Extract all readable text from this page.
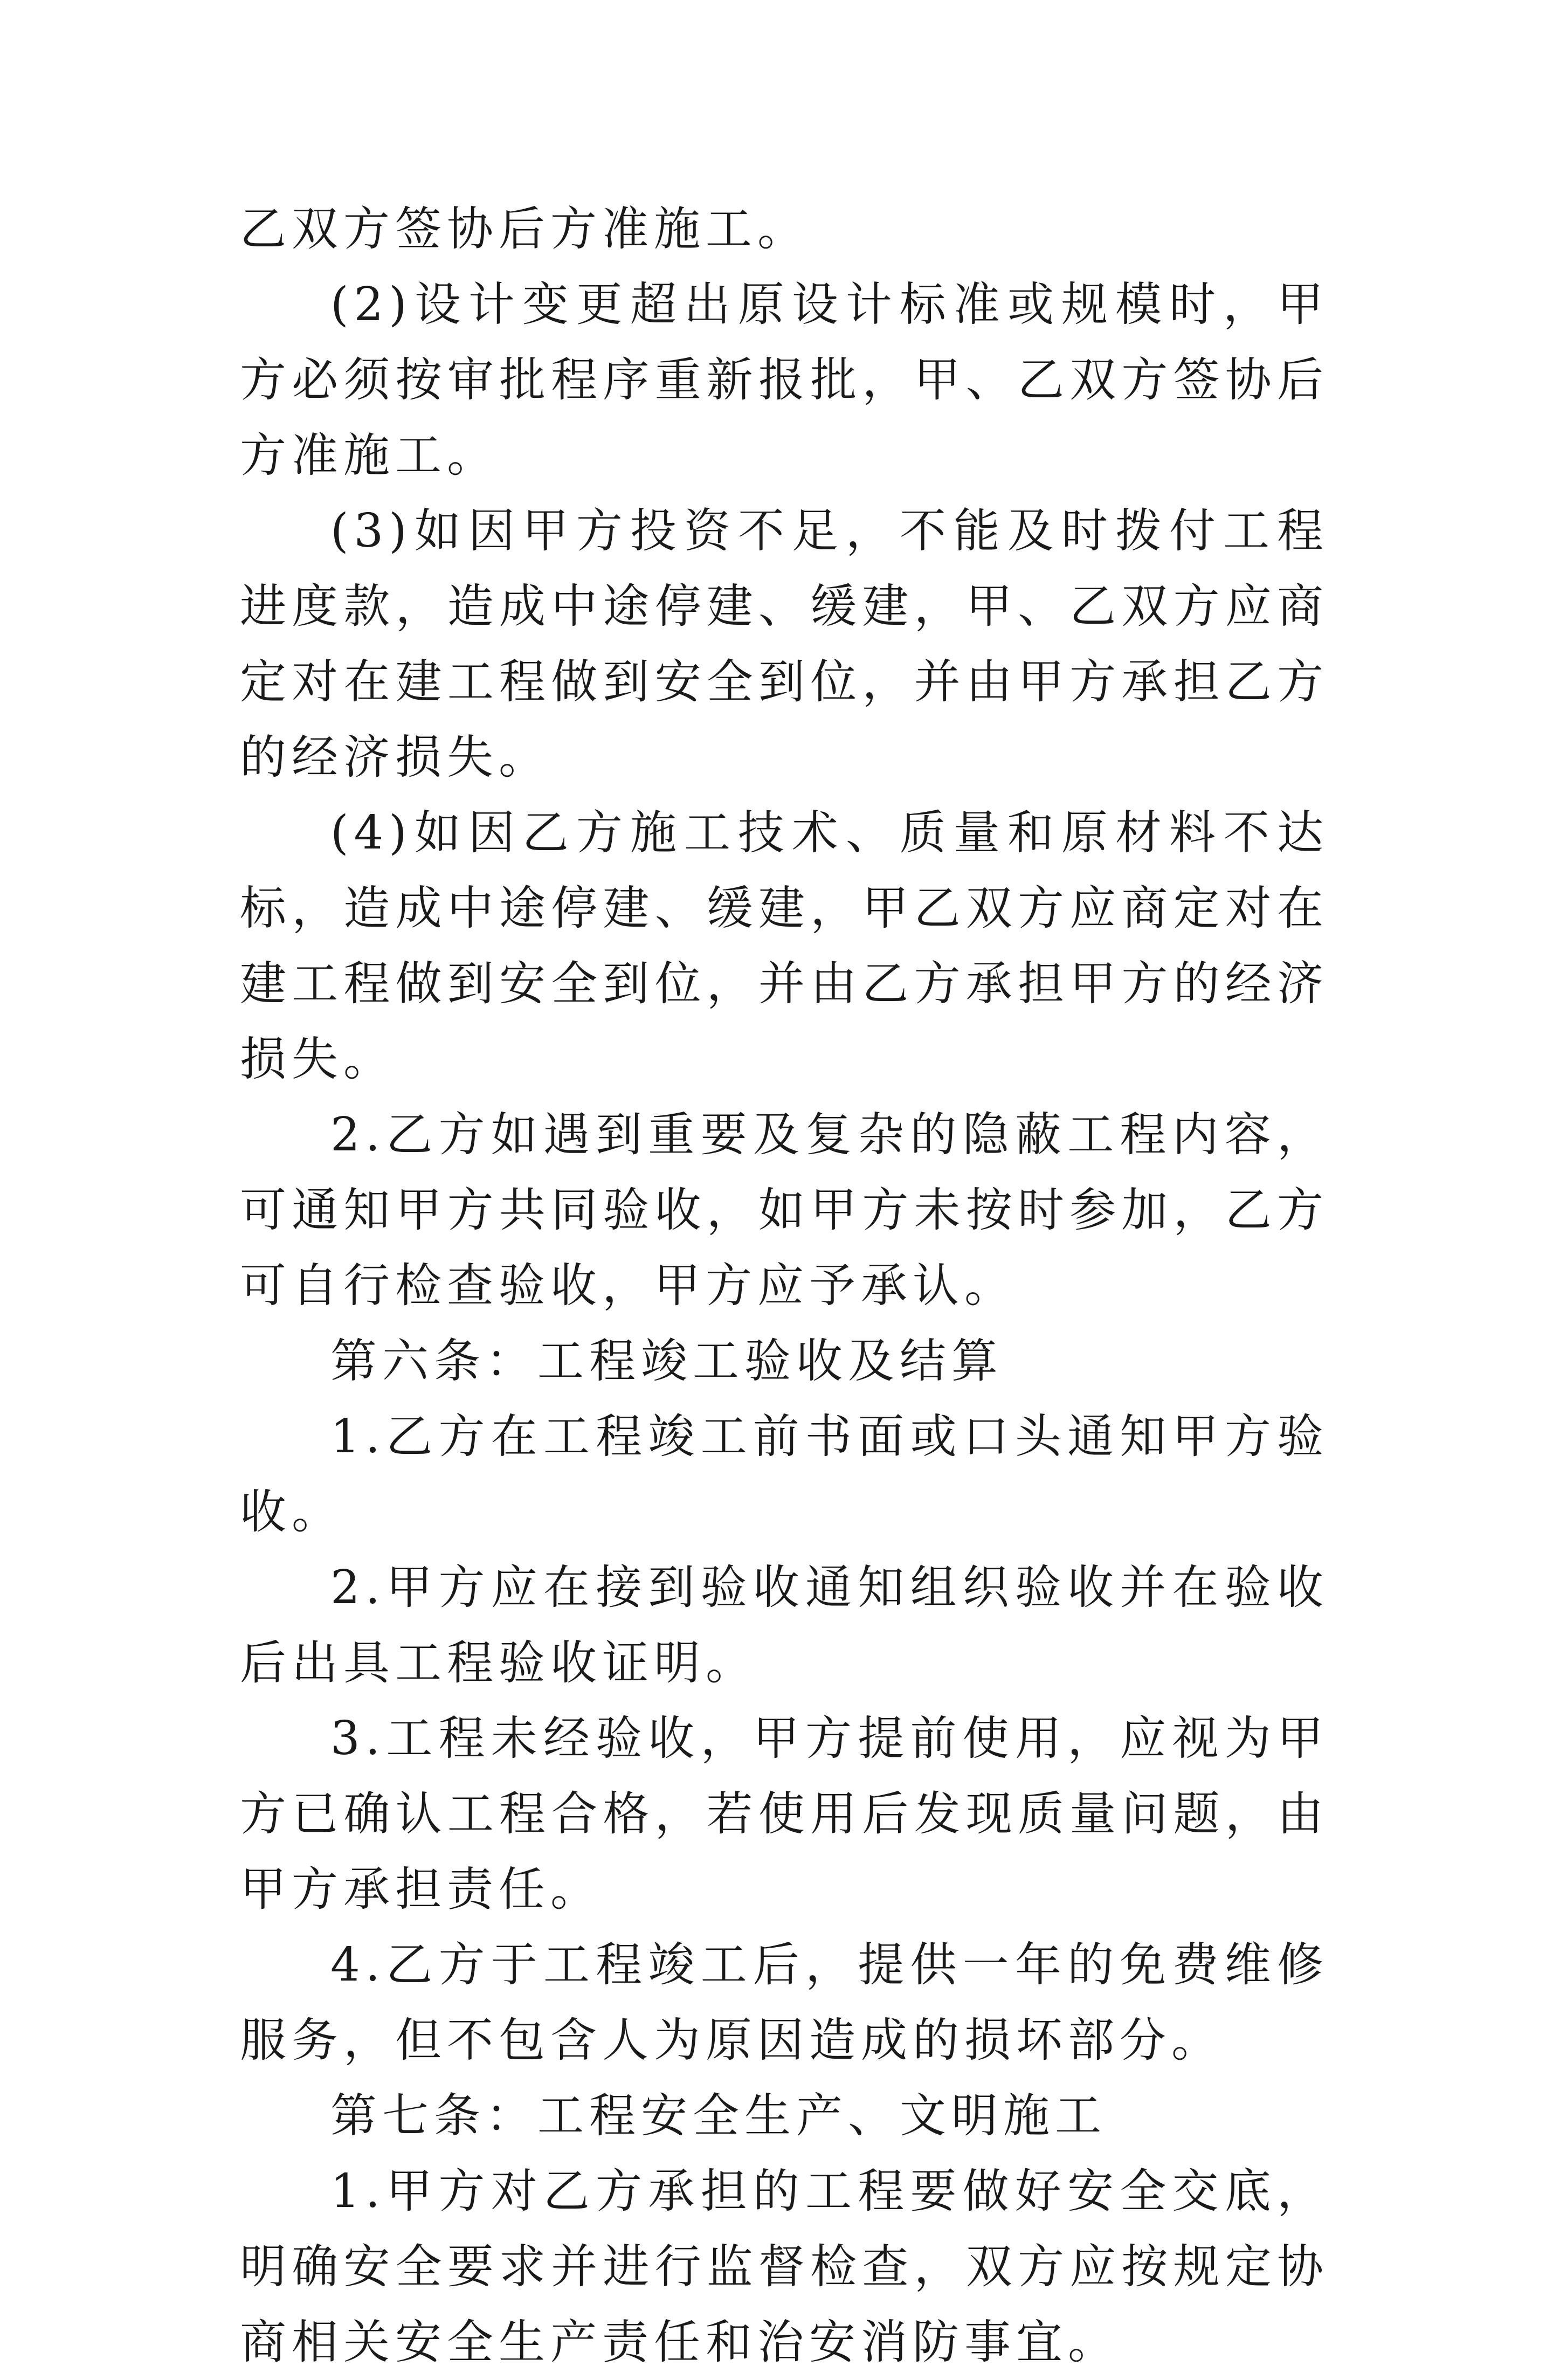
乙双方签协后方准施工。

(2)设计变更超出原设计标准或规模时，甲方必须按审批程序重新报批，甲、乙双方签协后方准施工。

(3)如因甲方投资不足，不能及时拨付工程进度款，造成中途停建、缓建，甲、乙双方应商定对在建工程做到安全到位，并由甲方承担乙方的经济损失。

(4)如因乙方施工技术、质量和原材料不达标，造成中途停建、缓建，甲乙双方应商定对在建工程做到安全到位，并由乙方承担甲方的经济损失。

2.乙方如遇到重要及复杂的隐蔽工程内容，可通知甲方共同验收，如甲方未按时参加，乙方可自行检查验收，甲方应予承认。

第六条：工程竣工验收及结算

1.乙方在工程竣工前书面或口头通知甲方验收。

2.甲方应在接到验收通知组织验收并在验收后出具工程验收证明。

3.工程未经验收，甲方提前使用，应视为甲方已确认工程合格，若使用后发现质量问题，由甲方承担责任。

4.乙方于工程竣工后，提供一年的免费维修服务，但不包含人为原因造成的损坏部分。

第七条：工程安全生产、文明施工

1.甲方对乙方承担的工程要做好安全交底，明确安全要求并进行监督检查，双方应按规定协商相关安全生产责任和治安消防事宜。
